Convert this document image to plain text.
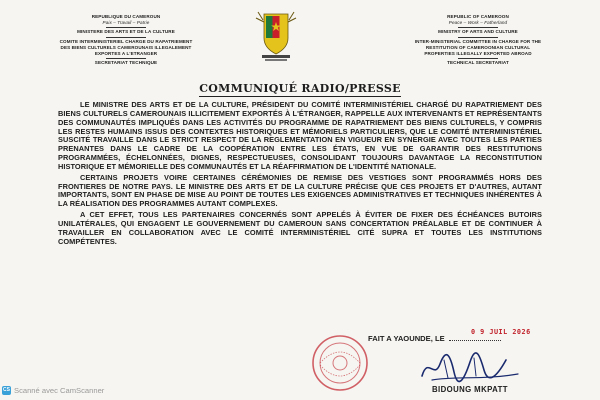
REPUBLIQUE DU CAMEROUN
Paix – Travail – Patrie
MINISTERE DES ARTS ET DE LA CULTURE
COMITE INTERMINISTERIEL CHARGE DU RAPATRIEMENT
DES BIENS CULTURELS CAMEROUNAIS ILLEGALEMENT
EXPORTES A L'ETRANGER
SECRETARIAT TECHNIQUE
REPUBLIC OF CAMEROON
Peace – Work – Fatherland
MINISTRY OF ARTS AND CULTURE
INTER-MINISTERIAL COMMITTEE IN CHARGE FOR THE
RESTITUTION OF CAMEROONIAN CULTURAL
PROPERTIES ILLEGALLY EXPORTED ABROAD
TECHNICAL SECRETARIAT
COMMUNIQUÉ RADIO/PRESSE

LE MINISTRE DES ARTS ET DE LA CULTURE, PRÉSIDENT DU COMITÉ INTERMINISTÉRIEL CHARGÉ DU RAPATRIEMENT DES BIENS CULTURELS CAMEROUNAIS ILLICITEMENT EXPORTÉS À L'ÉTRANGER, RAPPELLE AUX INTERVENANTS ET REPRÉSENTANTS DES COMMUNAUTÉS IMPLIQUÉS DANS LES ACTIVITÉS DU PROGRAMME DE RAPATRIEMENT DES BIENS CULTURELS, Y COMPRIS LES RESTES HUMAINS ISSUS DES CONTEXTES HISTORIQUES ET MÉMORIELS PARTICULIERS, QUE LE COMITÉ INTERMINISTÉRIEL SUSCITÉ TRAVAILLE DANS LE STRICT RESPECT DE LA REGLEMENTATION EN VIGUEUR EN SYNERGIE AVEC TOUTES LES PARTIES PRENANTES DANS LE CADRE DE LA COOPÉRATION ENTRE LES ÉTATS, EN VUE DE GARANTIR DES RESTITUTIONS PROGRAMMÉES, ÉCHELONNÉES, DIGNES, RESPECTUEUSES, CONSOLIDANT TOUJOURS DAVANTAGE LA RECONSTITUTION HISTORIQUE ET MÉMORIELLE DES COMMUNAUTÉS ET LA RÉAFFIRMATION DE L'IDENTITÉ NATIONALE.

CERTAINS PROJETS VOIRE CERTAINES CÉRÉMONIES DE REMISE DES VESTIGES SONT PROGRAMMÉS HORS DES FRONTIERES DE NOTRE PAYS. LE MINISTRE DES ARTS ET DE LA CULTURE PRÉCISE QUE CES PROJETS ET D'AUTRES, AUTANT IMPORTANTS, SONT EN PHASE DE MISE AU POINT DE TOUTES LES EXIGENCES ADMINISTRATIVES ET TECHNIQUES INHÉRENTES À LA RÉALISATION DES PROGRAMMES AUTANT COMPLEXES.

A CET EFFET, TOUS LES PARTENAIRES CONCERNÉS SONT APPELÉS À ÉVITER DE FIXER DES ÉCHÉANCES BUTOIRS UNILATÉRALES, QUI ENGAGENT LE GOUVERNEMENT DU CAMEROUN SANS CONCERTATION PRÉALABLE ET DE CONTINUER À TRAVAILLER EN COLLABORATION AVEC LE COMITÉ INTERMINISTÉRIEL CITÉ SUPRA ET TOUTES LES INSTITUTIONS COMPÉTENTES.

FAIT A YAOUNDE, LE
0 9 JUIL 2026
BIDOUNG MKPATT
CS Scanné avec CamScanner
